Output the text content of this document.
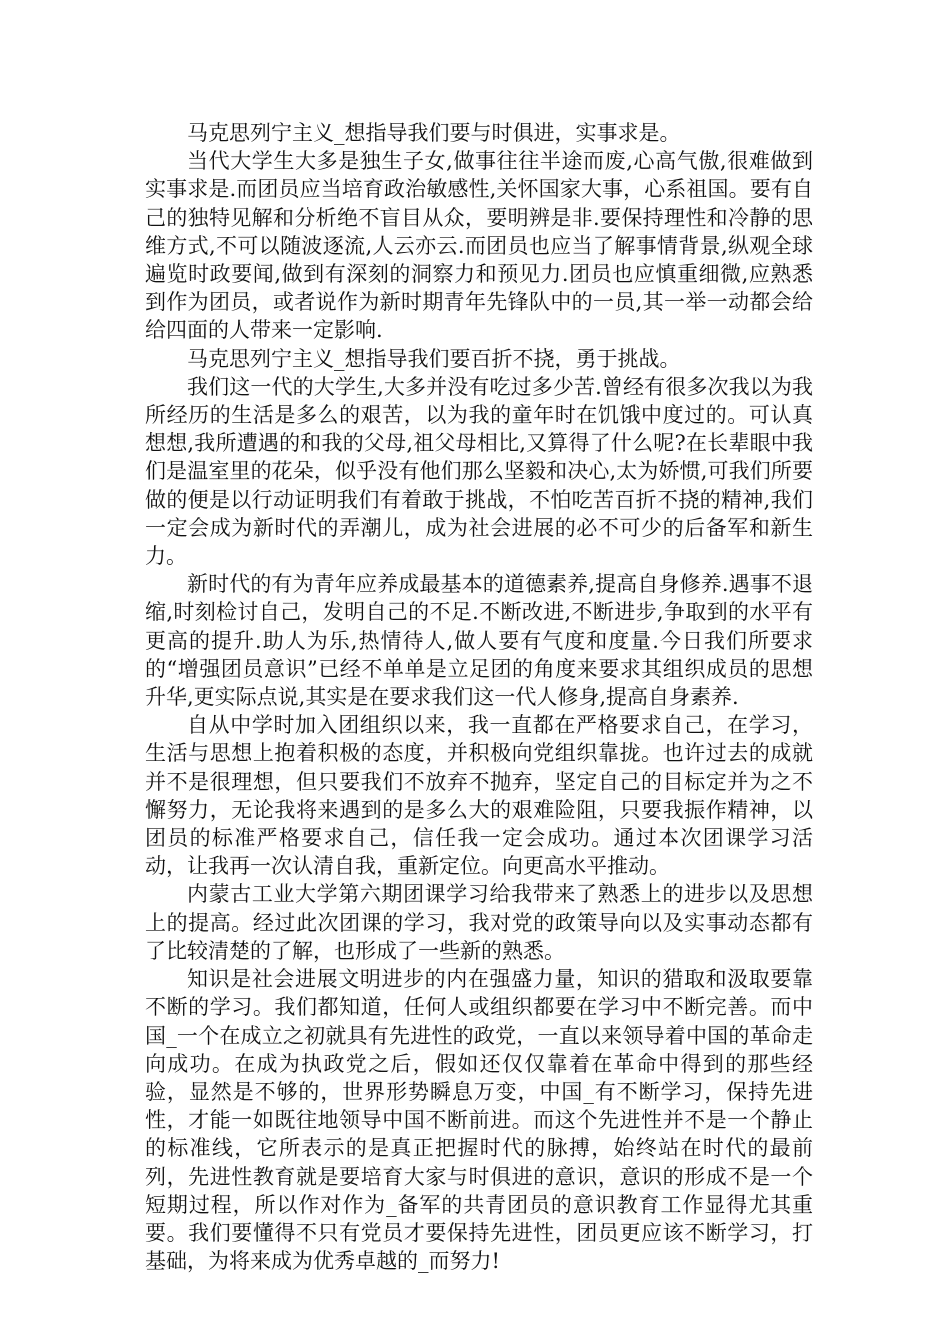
马克思列宁主义_想指导我们要与时俱进，实事求是。

当代大学生大多是独生子女,做事往往半途而废,心高气傲,很难做到实事求是.而团员应当培育政治敏感性,关怀国家大事，心系祖国。要有自己的独特见解和分析绝不盲目从众，要明辨是非.要保持理性和冷静的思维方式,不可以随波逐流,人云亦云.而团员也应当了解事情背景,纵观全球遍览时政要闻,做到有深刻的洞察力和预见力.团员也应慎重细微,应熟悉到作为团员，或者说作为新时期青年先锋队中的一员,其一举一动都会给给四面的人带来一定影响.

马克思列宁主义_想指导我们要百折不挠，勇于挑战。

我们这一代的大学生,大多并没有吃过多少苦.曾经有很多次我以为我所经历的生活是多么的艰苦，以为我的童年时在饥饿中度过的。可认真想想,我所遭遇的和我的父母,祖父母相比,又算得了什么呢?在长辈眼中我们是温室里的花朵，似乎没有他们那么坚毅和决心,太为娇惯,可我们所要做的便是以行动证明我们有着敢于挑战，不怕吃苦百折不挠的精神,我们一定会成为新时代的弄潮儿，成为社会进展的必不可少的后备军和新生力。

新时代的有为青年应养成最基本的道德素养,提高自身修养.遇事不退缩,时刻检讨自己，发明自己的不足.不断改进,不断进步,争取到的水平有更高的提升.助人为乐,热情待人,做人要有气度和度量.今日我们所要求的“增强团员意识”已经不单单是立足团的角度来要求其组织成员的思想升华,更实际点说,其实是在要求我们这一代人修身,提高自身素养.

自从中学时加入团组织以来，我一直都在严格要求自己，在学习，生活与思想上抱着积极的态度，并积极向党组织靠拢。也许过去的成就并不是很理想，但只要我们不放弃不抛弃，坚定自己的目标定并为之不懈努力，无论我将来遇到的是多么大的艰难险阻，只要我振作精神，以团员的标准严格要求自己，信任我一定会成功。通过本次团课学习活动，让我再一次认清自我，重新定位。向更高水平推动。

内蒙古工业大学第六期团课学习给我带来了熟悉上的进步以及思想上的提高。经过此次团课的学习，我对党的政策导向以及实事动态都有了比较清楚的了解，也形成了一些新的熟悉。

知识是社会进展文明进步的内在强盛力量，知识的猎取和汲取要靠不断的学习。我们都知道，任何人或组织都要在学习中不断完善。而中国_一个在成立之初就具有先进性的政党，一直以来领导着中国的革命走向成功。在成为执政党之后，假如还仅仅靠着在革命中得到的那些经验，显然是不够的，世界形势瞬息万变，中国_有不断学习，保持先进性，才能一如既往地领导中国不断前进。而这个先进性并不是一个静止的标准线，它所表示的是真正把握时代的脉搏，始终站在时代的最前列，先进性教育就是要培育大家与时俱进的意识，意识的形成不是一个短期过程，所以作对作为_备军的共青团员的意识教育工作显得尤其重要。我们要懂得不只有党员才要保持先进性，团员更应该不断学习，打基础，为将来成为优秀卓越的_而努力!
